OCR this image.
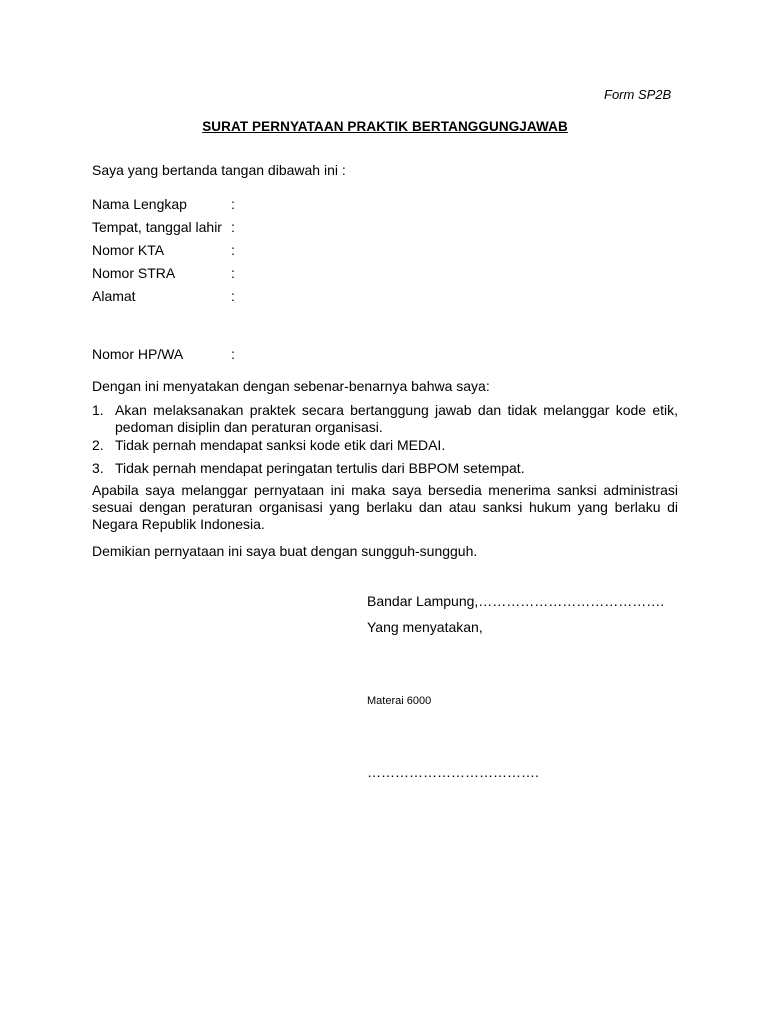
Form SP2B
SURAT PERNYATAAN PRAKTIK BERTANGGUNGJAWAB
Saya yang bertanda tangan dibawah ini :
Nama Lengkap	:
Tempat, tanggal lahir :
Nomor KTA	:
Nomor STRA	:
Alamat	:
Nomor HP/WA	:
Dengan ini menyatakan dengan sebenar-benarnya bahwa saya:
1. Akan melaksanakan praktek secara bertanggung jawab dan tidak melanggar kode etik, pedoman disiplin dan peraturan organisasi.
2. Tidak pernah mendapat sanksi kode etik dari MEDAI.
3. Tidak pernah mendapat peringatan tertulis dari BBPOM setempat.
Apabila saya melanggar pernyataan ini maka saya bersedia menerima sanksi administrasi sesuai dengan peraturan organisasi yang berlaku dan atau sanksi hukum yang berlaku di Negara Republik Indonesia.
Demikian pernyataan ini saya buat dengan sungguh-sungguh.
Bandar Lampung,………………………………….
Yang menyatakan,
Materai 6000
……………………………….
